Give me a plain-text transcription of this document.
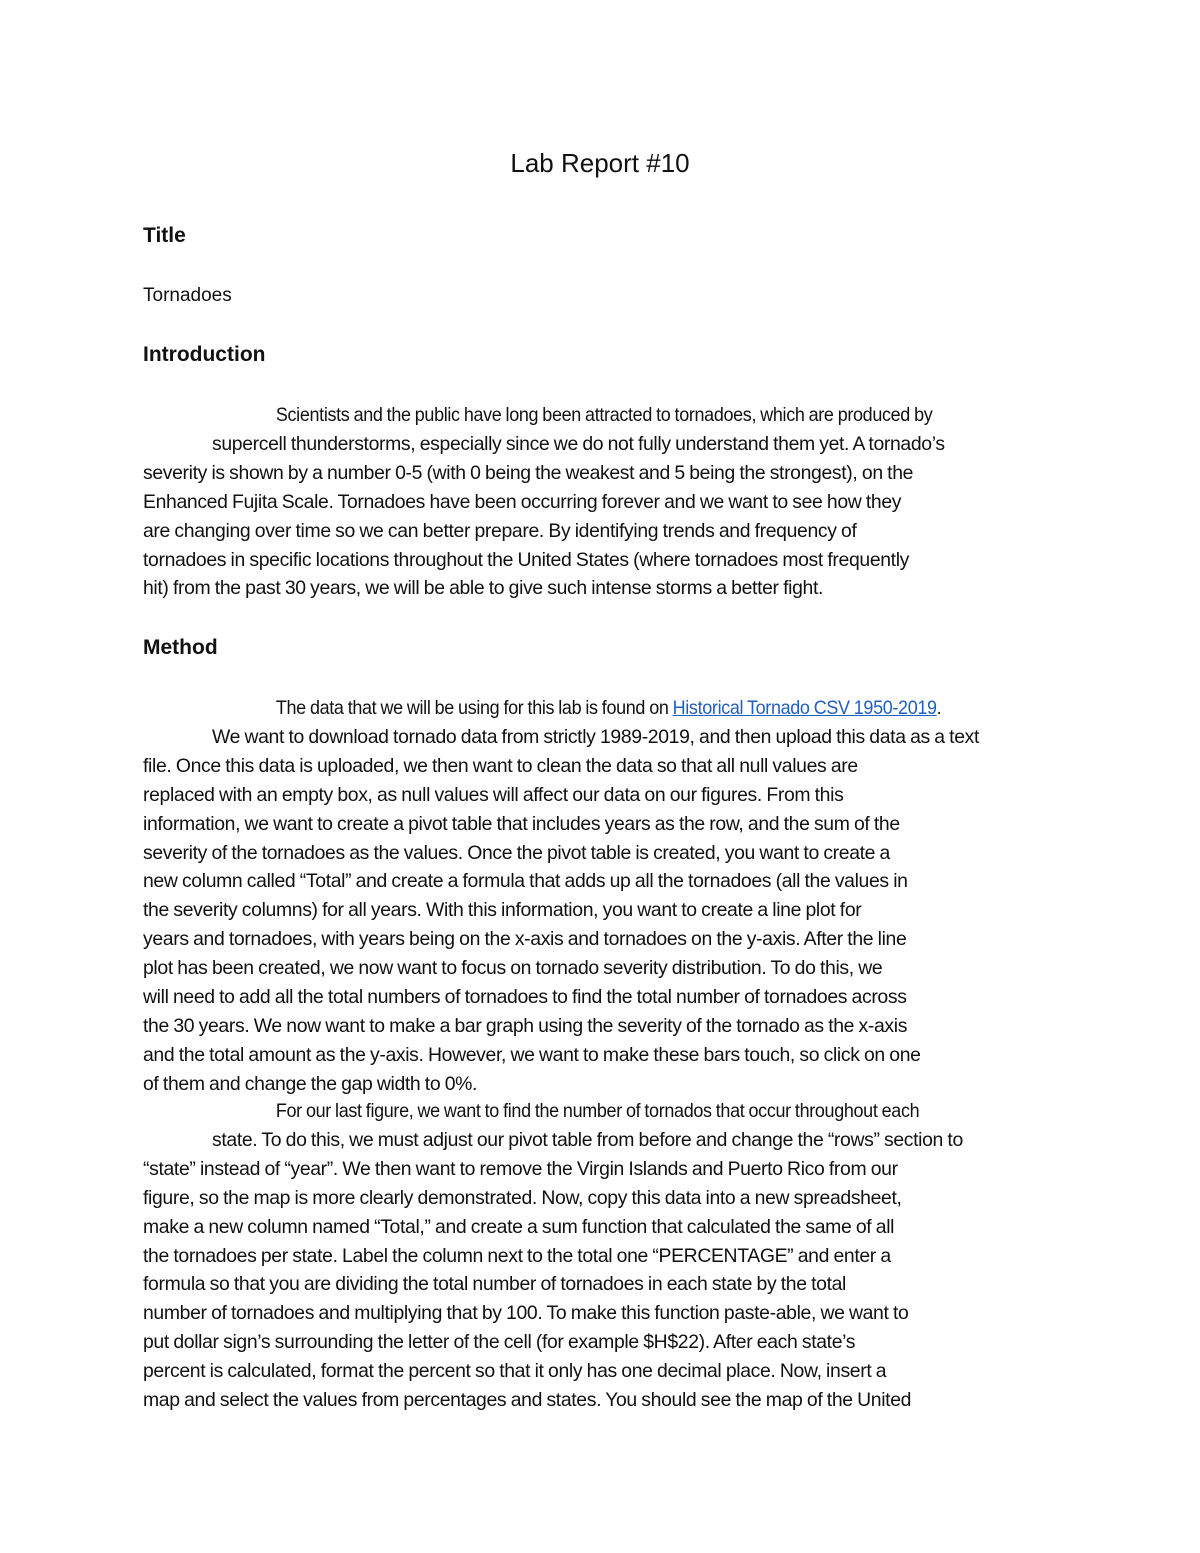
Lab Report #10
Title

Tornadoes

Introduction

Scientists and the public have long been attracted to tornadoes, which are produced by

supercell thunderstorms, especially since we do not fully understand them yet. A tornado’s
severity is shown by a number 0-5 (with 0 being the weakest and 5 being the strongest), on the
Enhanced Fujita Scale. Tornadoes have been occurring forever and we want to see how they
are changing over time so we can better prepare. By identifying trends and frequency of
tornadoes in specific locations throughout the United States (where tornadoes most frequently
hit) from the past 30 years, we will be able to give such intense storms a better fight.

Method

The data that we will be using for this lab is found on Historical Tornado CSV 1950-2019.

We want to download tornado data from strictly 1989-2019, and then upload this data as a text
file. Once this data is uploaded, we then want to clean the data so that all null values are
replaced with an empty box, as null values will affect our data on our figures. From this
information, we want to create a pivot table that includes years as the row, and the sum of the
severity of the tornadoes as the values. Once the pivot table is created, you want to create a
new column called “Total” and create a formula that adds up all the tornadoes (all the values in
the severity columns) for all years. With this information, you want to create a line plot for
years and tornadoes, with years being on the x-axis and tornadoes on the y-axis. After the line
plot has been created, we now want to focus on tornado severity distribution. To do this, we
will need to add all the total numbers of tornadoes to find the total number of tornadoes across
the 30 years. We now want to make a bar graph using the severity of the tornado as the x-axis
and the total amount as the y-axis. However, we want to make these bars touch, so click on one
of them and change the gap width to 0%.

For our last figure, we want to find the number of tornados that occur throughout each

state. To do this, we must adjust our pivot table from before and change the “rows” section to
“state” instead of “year”. We then want to remove the Virgin Islands and Puerto Rico from our
figure, so the map is more clearly demonstrated. Now, copy this data into a new spreadsheet,
make a new column named “Total,” and create a sum function that calculated the same of all
the tornadoes per state. Label the column next to the total one “PERCENTAGE” and enter a
formula so that you are dividing the total number of tornadoes in each state by the total
number of tornadoes and multiplying that by 100. To make this function paste-able, we want to
put dollar sign’s surrounding the letter of the cell (for example $H$22). After each state’s
percent is calculated, format the percent so that it only has one decimal place. Now, insert a
map and select the values from percentages and states. You should see the map of the United
